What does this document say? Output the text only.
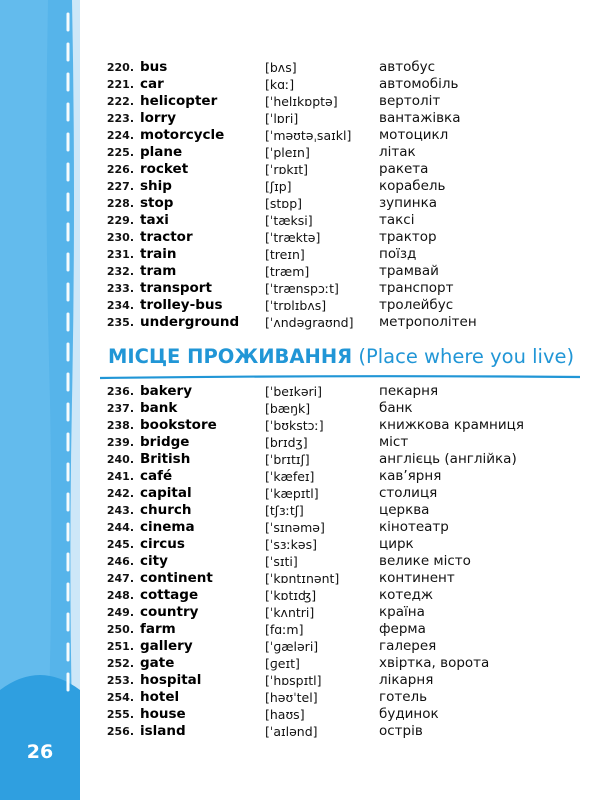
26
220. bus	[bʌs]	автобус
221. car	[kɑː]	автомобіль
222. helicopter	[ˈhelɪkɒptə]	вертоліт
223. lorry	[ˈlɒri]	вантажівка
224. motorcycle	[ˈməʊtəˌsaɪkl] мотоцикл
225. plane	[ˈpleɪn]	літак
226. rocket	[ˈrɒkɪt]	ракета
227. ship	[ʃɪp]	корабель
228. stop	[stɒp]	зупинка
229. taxi	[ˈtæksi]	таксі
230. tractor	[ˈtræktə]	трактор
231. train	[treɪn]	поїзд
232. tram	[træm]	трамвай
233. transport	[ˈtrænspɔːt]	транспорт
234. trolley-bus	[ˈtrɒlɪbʌs]	тролейбус
235. underground [ˈʌndəɡraʊnd] метрополітен
МІСЦЕ ПРОЖИВАННЯ (Place where you live)
236. bakery	[ˈbeɪkəri]	пекарня
237. bank	[bæŋk]	банк
238. bookstore	[ˈbʊkstɔː]	книжкова крамниця
239. bridge	[brɪdʒ]	міст
240. British	[ˈbrɪtɪʃ]	англієць (англійка)
241. café	[ˈkæfeɪ]	кав’ярня
242. capital	[ˈkæpɪtl]	столиця
243. church	[tʃɜːtʃ]	церква
244. cinema	[ˈsɪnəmə]	кінотеатр
245. circus	[ˈsɜːkəs]	цирк
246. city	[ˈsɪti]	велике місто
247. continent	[ˈkɒntɪnənt]	континент
248. cottage	[ˈkɒtɪʤ]	котедж
249. country	[ˈkʌntri]	країна
250. farm	[fɑːm]	ферма
251. gallery	[ˈɡæləri]	галерея
252. gate	[ɡeɪt]	хвіртка, ворота
253. hospital	[ˈhɒspɪtl]	лікарня
254. hotel	[həʊˈtel]	готель
255. house	[haʊs]	будинок
256. island	[ˈaɪlənd]	острів
